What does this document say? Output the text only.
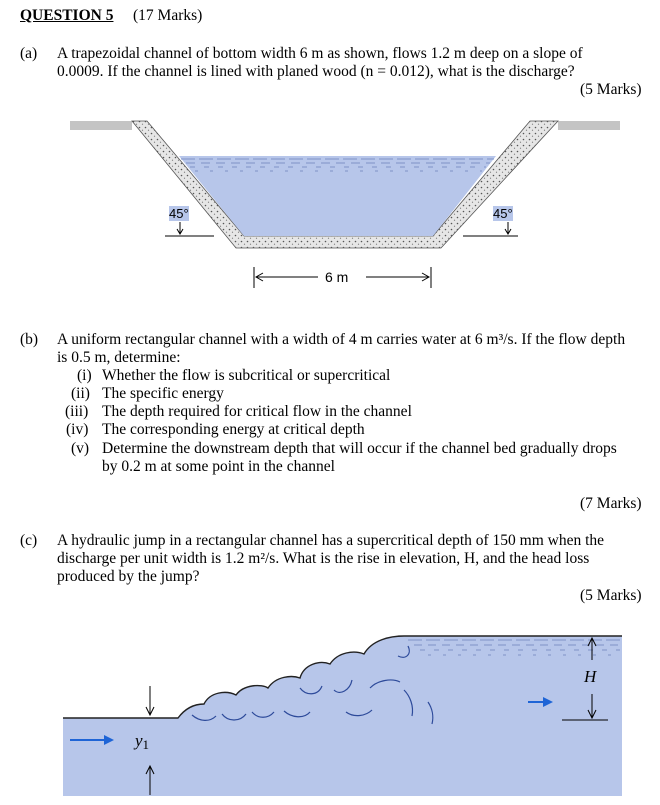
QUESTION 5 (17 Marks)
(a) A trapezoidal channel of bottom width 6 m as shown, flows 1.2 m deep on a slope of
0.0009. If the channel is lined with planed wood (n = 0.012), what is the discharge?
(5 Marks)
45°	45°
6 m
(b) A uniform rectangular channel with a width of 4 m carries water at 6 m³/s. If the flow depth
is 0.5 m, determine:
(i) Whether the flow is subcritical or supercritical
(ii) The specific energy
(iii) The depth required for critical flow in the channel
(iv) The corresponding energy at critical depth
(v) Determine the downstream depth that will occur if the channel bed gradually drops
by 0.2 m at some point in the channel
(7 Marks)
(c) A hydraulic jump in a rectangular channel has a supercritical depth of 150 mm when the
discharge per unit width is 1.2 m²/s. What is the rise in elevation, H, and the head loss
produced by the jump?
(5 Marks)
y1
H
